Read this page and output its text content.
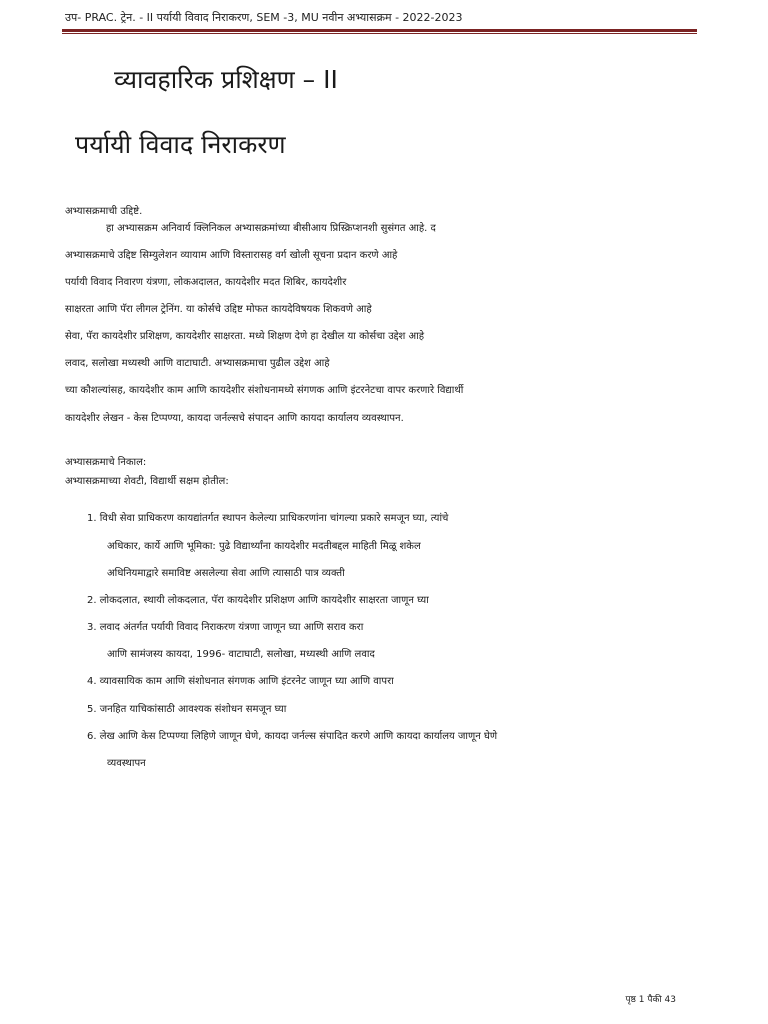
उप- PRAC. ट्रेन. - II पर्यायी विवाद निराकरण, SEM -3, MU नवीन अभ्यासक्रम - 2022-2023
व्यावहारिक प्रशिक्षण – II
पर्यायी विवाद निराकरण
अभ्यासक्रमाची उद्दिष्टे.
हा अभ्यासक्रम अनिवार्य क्लिनिकल अभ्यासक्रमांच्या बीसीआय प्रिस्क्रिप्शनशी सुसंगत आहे. द
अभ्यासक्रमाचे उद्दिष्ट सिम्युलेशन व्यायाम आणि विस्तारासह वर्ग खोली सूचना प्रदान करणे आहे
पर्यायी विवाद निवारण यंत्रणा, लोकअदालत, कायदेशीर मदत शिबिर, कायदेशीर
साक्षरता आणि पॅरा लीगल ट्रेनिंग. या कोर्सचे उद्दिष्ट मोफत कायदेविषयक शिकवणे आहे
सेवा, पॅरा कायदेशीर प्रशिक्षण, कायदेशीर साक्षरता. मध्ये शिक्षण देणे हा देखील या कोर्सचा उद्देश आहे
लवाद, सलोखा मध्यस्थी आणि वाटाघाटी. अभ्यासक्रमाचा पुढील उद्देश आहे
च्या कौशल्यांसह, कायदेशीर काम आणि कायदेशीर संशोधनामध्ये संगणक आणि इंटरनेटचा वापर करणारे विद्यार्थी
कायदेशीर लेखन - केस टिप्पण्या, कायदा जर्नल्सचे संपादन आणि कायदा कार्यालय व्यवस्थापन.
अभ्यासक्रमाचे निकाल:
अभ्यासक्रमाच्या शेवटी, विद्यार्थी सक्षम होतील:
1. विधी सेवा प्राधिकरण कायद्यांतर्गत स्थापन केलेल्या प्राधिकरणांना चांगल्या प्रकारे समजून घ्या, त्यांचे
अधिकार, कार्ये आणि भूमिका: पुढे विद्यार्थ्यांना कायदेशीर मदतीबद्दल माहिती मिळू शकेल
अधिनियमाद्वारे समाविष्ट असलेल्या सेवा आणि त्यासाठी पात्र व्यक्ती
2. लोकदलात, स्थायी लोकदलात, पॅरा कायदेशीर प्रशिक्षण आणि कायदेशीर साक्षरता जाणून घ्या
3. लवाद अंतर्गत पर्यायी विवाद निराकरण यंत्रणा जाणून घ्या आणि सराव करा
आणि सामंजस्य कायदा, 1996- वाटाघाटी, सलोखा, मध्यस्थी आणि लवाद
4. व्यावसायिक काम आणि संशोधनात संगणक आणि इंटरनेट जाणून घ्या आणि वापरा
5. जनहित याचिकांसाठी आवश्यक संशोधन समजून घ्या
6. लेख आणि केस टिप्पण्या लिहिणे जाणून घेणे, कायदा जर्नल्स संपादित करणे आणि कायदा कार्यालय जाणून घेणे
व्यवस्थापन
पृष्ठ 1 पैकी 43
